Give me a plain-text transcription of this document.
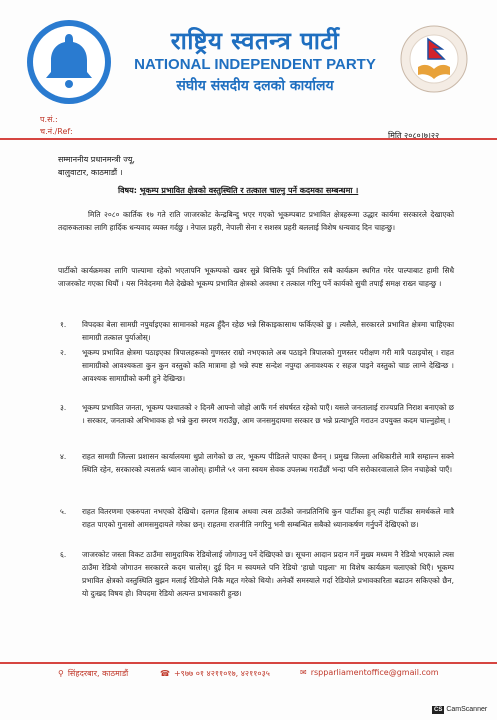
राष्ट्रिय स्वतन्त्र पार्टी
NATIONAL INDEPENDENT PARTY
संघीय संसदीय दलको कार्यालय
प.सं.:
च.नं./Ref:	मिति २०८०।७।२२
सम्माननीय प्रधानमन्त्री ज्यू,
बालुवाटार, काठमाडौं ।
विषय: भूकम्प प्रभावित क्षेत्रको वस्तुस्थिति र तत्काल चाल्नु पर्ने कदमका सम्बन्धमा ।
मिति २०८० कार्तिक १७ गते राति जाजरकोट केन्द्रबिन्दु भएर गएको भूकम्पबाट प्रभावित क्षेत्रहरूमा उद्धार कार्यमा सरकारले देखाएको तदारुकताका लागि हार्दिक धन्यवाद व्यक्त गर्दछु । नेपाल प्रहरी, नेपाली सेना र सशस्त्र प्रहरी बललाई विशेष धन्यवाद दिन चाहन्छु।
पार्टीको कार्यक्रमका लागि पाल्पामा रहेको भएतापनि भूकम्पको खबर सुन्ने बित्तिकै पूर्व निर्धारित सबै कार्यक्रम स्थगित गरेर पाल्पाबाट हामी सिधै जाजरकोट गएका थियौं । यस निवेदनमा मैले देखेको भूकम्प प्रभावित क्षेत्रको अवस्था र तत्काल गरिनु पर्ने कार्यको सुची तपाईं समक्ष राख्न चाहन्छु ।
१.	विपदका बेला सामग्री नपुर्याइएका सामानको महत्व हुँदैन रहेछ भन्ने सिकाइकासाथ फर्किएको छु । त्यसैले, सरकारले प्रभावित क्षेत्रमा चाहिएका सामाग्री तत्काल पुर्याओस्।
२.	भूकम्प प्रभावित क्षेत्रमा पठाइएका त्रिपालहरूको गुणस्तर राम्रो नभएकाले अब पठाइने त्रिपालको गुणस्तर परीक्षण गरी मात्रै पठाइयोस् । राहत सामाग्रीको आवश्यकता कुन कुन वस्तुको कति मात्रामा हो भन्ने स्पष्ट सन्देश नपुग्दा अनावश्यक र सहज पाइने वस्तुको चाङ लाग्ने देखिन्छ । आवश्यक सामाग्रीको कमी हुने देखिन्छ।
३.	भूकम्प प्रभावित जनता, भूकम्प पश्चातको २ दिनमै आफ्नो जोहो आफैं गर्न संघर्षरत रहेको पाएँ। यसले जनतालाई राज्यप्रति निराश बनाएको छ । सरकार, जनताको अभिभावक हो भन्ने कुरा स्मरण गराउँछु, आम जनसमुदायमा सरकार छ भन्ने प्रत्याभूति गराउन उपयुक्त कदम चाल्नुहोस् ।
४.	राहत सामग्री जिल्ला प्रशासन कार्यालयमा थुप्रो लागेको छ तर, भूकम्प पीडितले पाएका छैनन् । प्रमुख जिल्ला अधिकारीले मात्रै सम्हाल्न सक्ने स्थिति रहेन, सरकारको त्यसतर्फ ध्यान जाओस्। हामीले ५१ जना स्वयम सेवक उपलब्ध गराउँछौं भन्दा पनि सरोकारवालाले लिन नचाहेको पाएँ।
५.	राहत वितरणमा एकरुपता नभएको देखियो। दलगत हिसाब अथवा त्यस ठाउँको जनप्रतिनिधि कुन पार्टीका हुन् त्यही पार्टीका समर्थकले मात्रै राहत पाएको गुनासो आमसमुदायले गरेका छन्। राहतमा राजनीति नगरिनु भनी सम्बन्धित सबैको ध्यानाकर्षण गर्नुपर्ने देखिएको छ।
६.	जाजरकोट जस्ता विकट ठाउँमा सामुदायिक रेडियोलाई जोगाउनु पर्ने देखिएको छ। सूचना आदान प्रदान गर्ने मुख्य मध्यम नै रेडियो भएकाले त्यस ठाउँमा रेडियो जोगाउन सरकारले कदम चालोस्। दुई दिन म स्वयमले पनि रेडियो 'हाम्रो पाइला' मा विशेष कार्यक्रम चलाएको थिएँ। भूकम्प प्रभावित क्षेत्रको वस्तुस्थिति बुझन मलाई रेडियोले निकै मद्दत गरेको थियो। अनेकौं समस्याले गर्दा रेडियोले प्रभावकारिता बढाउन सकिएको छैन, यो दुःखद विषय हो। विपदमा रेडियो अत्यन्त प्रभावकारी हुन्छ।
⚲ सिंहदरबार, काठमाडौं	☎ +९७७ ०१ ४२११०१७, ४२११०३५	✉ rspparliamentoffice@gmail.com
CS CamScanner
